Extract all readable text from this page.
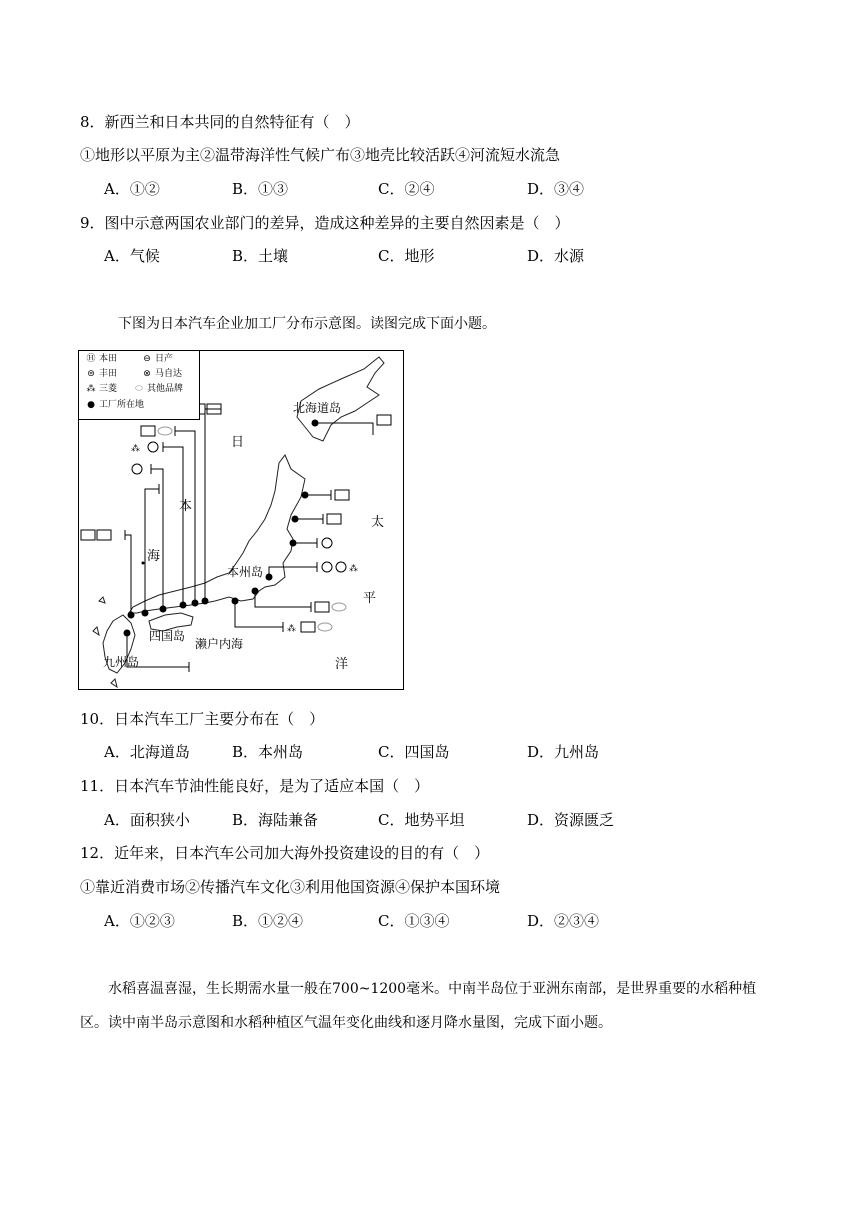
8．新西兰和日本共同的自然特征有（　）
①地形以平原为主②温带海洋性气候广布③地壳比较活跃④河流短水流急
A．①②	B．①③	C．②④	D．③④
9．图中示意两国农业部门的差异，造成这种差异的主要自然因素是（　）
A．气候	B．土壤	C．地形	D．水源
下图为日本汽车企业加工厂分布示意图。读图完成下面小题。
⁂
⁂
⁂
Ⓗ 本田	⊖ 日产
⊜ 丰田	⊗ 马自达
⁂ 三菱	⬭ 其他品牌
● 工厂所在地	北海道岛
本州岛
四国岛
九州岛
濑户内海
日
本
海
太
平
洋
10．日本汽车工厂主要分布在（　）
A．北海道岛	B．本州岛	C．四国岛	D．九州岛
11．日本汽车节油性能良好，是为了适应本国（　）
A．面积狭小	B．海陆兼备	C．地势平坦	D．资源匮乏
12．近年来，日本汽车公司加大海外投资建设的目的有（　）
①靠近消费市场②传播汽车文化③利用他国资源④保护本国环境
A．①②③	B．①②④	C．①③④	D．②③④
水稻喜温喜湿，生长期需水量一般在700~1200毫米。中南半岛位于亚洲东南部，是世界重要的水稻种植区。读中南半岛示意图和水稻种植区气温年变化曲线和逐月降水量图，完成下面小题。
